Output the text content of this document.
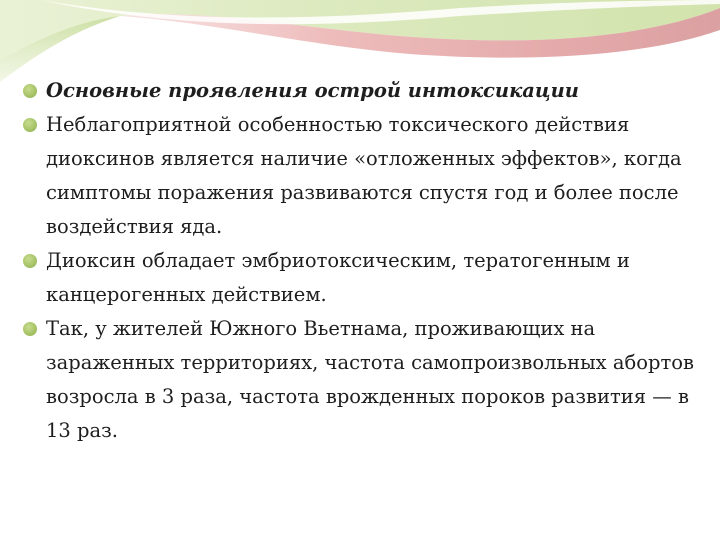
Основные проявления острой интоксикации
Неблагоприятной особенностью токсического действия диоксинов является наличие «отложенных эффектов», когда симптомы поражения развиваются спустя год и более после воздействия яда.
Диоксин обладает эмбриотоксическим, тератогенным и канцерогенных действием.
Так, у жителей Южного Вьетнама, проживающих на зараженных территориях, частота самопроизвольных абортов возросла в 3 раза, частота врожденных пороков развития — в 13 раз.
